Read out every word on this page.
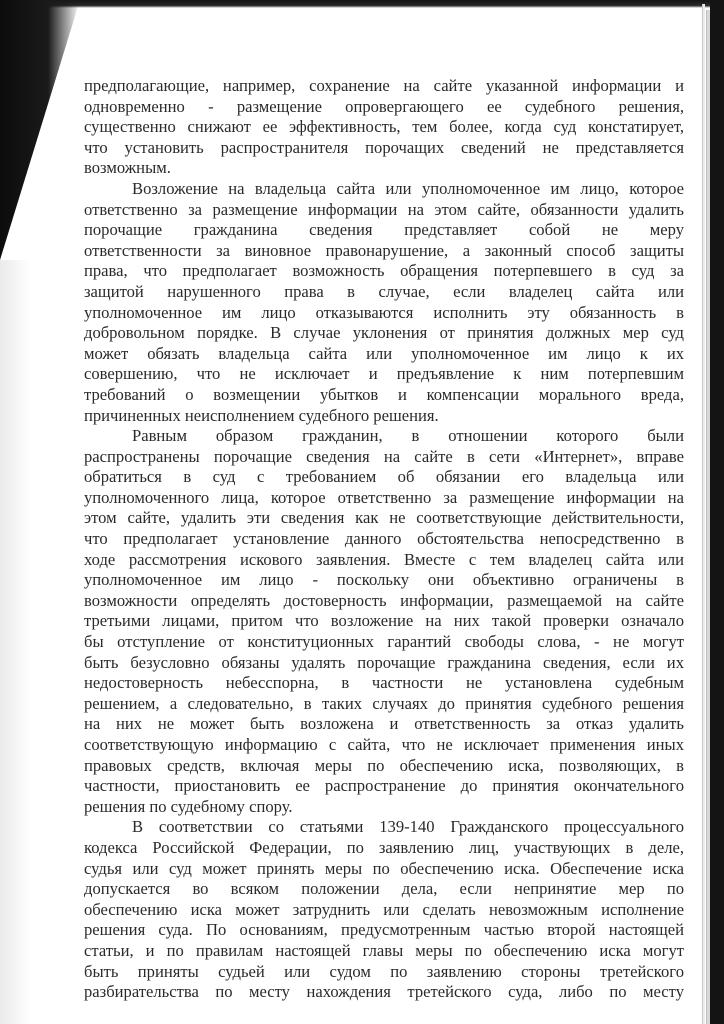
предполагающие, например, сохранение на сайте указанной информации и
одновременно - размещение опровергающего ее судебного решения,
существенно снижают ее эффективность, тем более, когда суд констатирует,
что установить распространителя порочащих сведений не представляется
возможным.
Возложение на владельца сайта или уполномоченное им лицо, которое
ответственно за размещение информации на этом сайте, обязанности удалить
порочащие гражданина сведения представляет собой не меру
ответственности за виновное правонарушение, а законный способ защиты
права, что предполагает возможность обращения потерпевшего в суд за
защитой нарушенного права в случае, если владелец сайта или
уполномоченное им лицо отказываются исполнить эту обязанность в
добровольном порядке. В случае уклонения от принятия должных мер суд
может обязать владельца сайта или уполномоченное им лицо к их
совершению, что не исключает и предъявление к ним потерпевшим
требований о возмещении убытков и компенсации морального вреда,
причиненных неисполнением судебного решения.
Равным образом гражданин, в отношении которого были
распространены порочащие сведения на сайте в сети «Интернет», вправе
обратиться в суд с требованием об обязании его владельца или
уполномоченного лица, которое ответственно за размещение информации на
этом сайте, удалить эти сведения как не соответствующие действительности,
что предполагает установление данного обстоятельства непосредственно в
ходе рассмотрения искового заявления. Вместе с тем владелец сайта или
уполномоченное им лицо - поскольку они объективно ограничены в
возможности определять достоверность информации, размещаемой на сайте
третьими лицами, притом что возложение на них такой проверки означало
бы отступление от конституционных гарантий свободы слова, - не могут
быть безусловно обязаны удалять порочащие гражданина сведения, если их
недостоверность небесспорна, в частности не установлена судебным
решением, а следовательно, в таких случаях до принятия судебного решения
на них не может быть возложена и ответственность за отказ удалить
соответствующую информацию с сайта, что не исключает применения иных
правовых средств, включая меры по обеспечению иска, позволяющих, в
частности, приостановить ее распространение до принятия окончательного
решения по судебному спору.
В соответствии со статьями 139-140 Гражданского процессуального
кодекса Российской Федерации, по заявлению лиц, участвующих в деле,
судья или суд может принять меры по обеспечению иска. Обеспечение иска
допускается во всяком положении дела, если непринятие мер по
обеспечению иска может затруднить или сделать невозможным исполнение
решения суда. По основаниям, предусмотренным частью второй настоящей
статьи, и по правилам настоящей главы меры по обеспечению иска могут
быть приняты судьей или судом по заявлению стороны третейского
разбирательства по месту нахождения третейского суда, либо по месту
